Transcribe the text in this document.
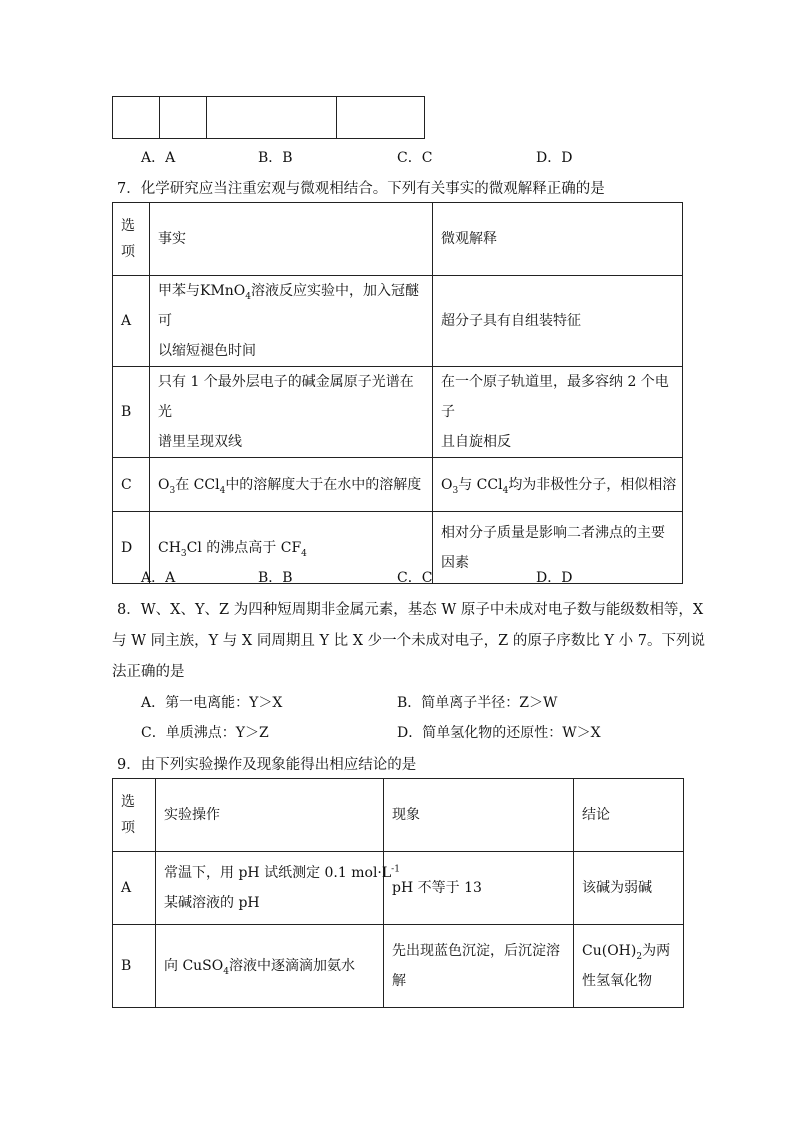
A．A	B．B	C．C	D．D
7．化学研究应当注重宏观与微观相结合。下列有关事实的微观解释正确的是
选
项	事实	微观解释
A	甲苯与KMnO$_4$溶液反应实验中，加入冠醚可
以缩短褪色时间	超分子具有自组装特征
B	只有 1 个最外层电子的碱金属原子光谱在光
谱里呈现双线	在一个原子轨道里，最多容纳 2 个电子
且自旋相反
C	$O_3$在 CCl$_4$中的溶解度大于在水中的溶解度	$O_3$与 CCl$_4$均为非极性分子，相似相溶
D	$CH_3Cl$ 的沸点高于 $CF_4$	相对分子质量是影响二者沸点的主要
因素
A．A	B．B	C．C	D．D
8．W、X、Y、Z 为四种短周期非金属元素，基态 W 原子中未成对电子数与能级数相等，X
与 W 同主族，Y 与 X 同周期且 Y 比 X 少一个未成对电子，Z 的原子序数比 Y 小 7。下列说
法正确的是
A．第一电离能：Y＞X	B．简单离子半径：Z＞W
C．单质沸点：Y＞Z	D．简单氢化物的还原性：W＞X
9．由下列实验操作及现象能得出相应结论的是
选
项	实验操作	现象	结论
A	常温下，用 pH 试纸测定 0.1 $mol\cdot L^{-1}$
某碱溶液的 pH	pH 不等于 13	该碱为弱碱
B	向 CuSO$_4$溶液中逐滴滴加氨水	先出现蓝色沉淀，后沉淀溶
解	$Cu(OH)_2$为两
性氢氧化物
